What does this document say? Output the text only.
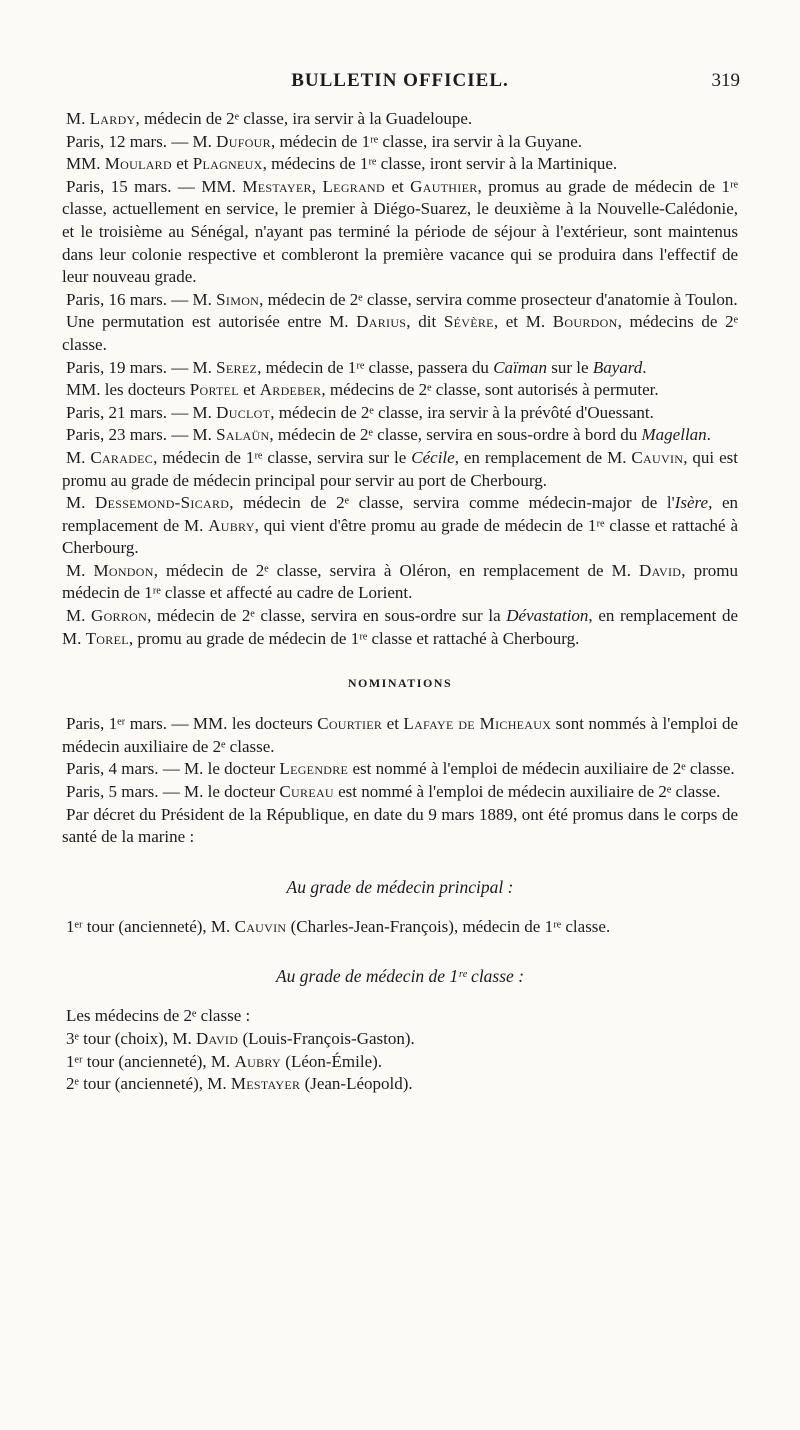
BULLETIN OFFICIEL.	319

M. Lardy, médecin de 2ᵉ classe, ira servir à la Guadeloupe.

Paris, 12 mars. — M. Dufour, médecin de 1ʳᵉ classe, ira servir à la Guyane.

MM. Moulard et Plagneux, médecins de 1ʳᵉ classe, iront servir à la Martinique.

Paris, 15 mars. — MM. Mestayer, Legrand et Gauthier, promus au grade de médecin de 1ʳᵉ classe, actuellement en service, le premier à Diégo-Suarez, le deuxième à la Nouvelle-Calédonie, et le troisième au Sénégal, n'ayant pas terminé la période de séjour à l'extérieur, sont maintenus dans leur colonie respective et combleront la première vacance qui se produira dans l'effectif de leur nouveau grade.

Paris, 16 mars. — M. Simon, médecin de 2ᵉ classe, servira comme prosecteur d'anatomie à Toulon.

Une permutation est autorisée entre M. Darius, dit Sévère, et M. Bourdon, médecins de 2ᵉ classe.

Paris, 19 mars. — M. Serez, médecin de 1ʳᵉ classe, passera du Caïman sur le Bayard.

MM. les docteurs Portel et Ardeber, médecins de 2ᵉ classe, sont autorisés à permuter.

Paris, 21 mars. — M. Duclot, médecin de 2ᵉ classe, ira servir à la prévôté d'Ouessant.

Paris, 23 mars. — M. Salaün, médecin de 2ᵉ classe, servira en sous-ordre à bord du Magellan.

M. Caradec, médecin de 1ʳᵉ classe, servira sur le Cécile, en remplacement de M. Cauvin, qui est promu au grade de médecin principal pour servir au port de Cherbourg.

M. Dessemond-Sicard, médecin de 2ᵉ classe, servira comme médecin-major de l'Isère, en remplacement de M. Aubry, qui vient d'être promu au grade de médecin de 1ʳᵉ classe et rattaché à Cherbourg.

M. Mondon, médecin de 2ᵉ classe, servira à Oléron, en remplacement de M. David, promu médecin de 1ʳᵉ classe et affecté au cadre de Lorient.

M. Gorron, médecin de 2ᵉ classe, servira en sous-ordre sur la Dévastation, en remplacement de M. Torel, promu au grade de médecin de 1ʳᵉ classe et rattaché à Cherbourg.

NOMINATIONS

Paris, 1ᵉʳ mars. — MM. les docteurs Courtier et Lafaye de Micheaux sont nommés à l'emploi de médecin auxiliaire de 2ᵉ classe.

Paris, 4 mars. — M. le docteur Legendre est nommé à l'emploi de médecin auxiliaire de 2ᵉ classe.

Paris, 5 mars. — M. le docteur Cureau est nommé à l'emploi de médecin auxiliaire de 2ᵉ classe.

Par décret du Président de la République, en date du 9 mars 1889, ont été promus dans le corps de santé de la marine :

Au grade de médecin principal :

1ᵉʳ tour (ancienneté), M. Cauvin (Charles-Jean-François), médecin de 1ʳᵉ classe.

Au grade de médecin de 1ʳᵉ classe :

Les médecins de 2ᵉ classe :

3ᵉ tour (choix), M. David (Louis-François-Gaston).

1ᵉʳ tour (ancienneté), M. Aubry (Léon-Émile).

2ᵉ tour (ancienneté), M. Mestayer (Jean-Léopold).
